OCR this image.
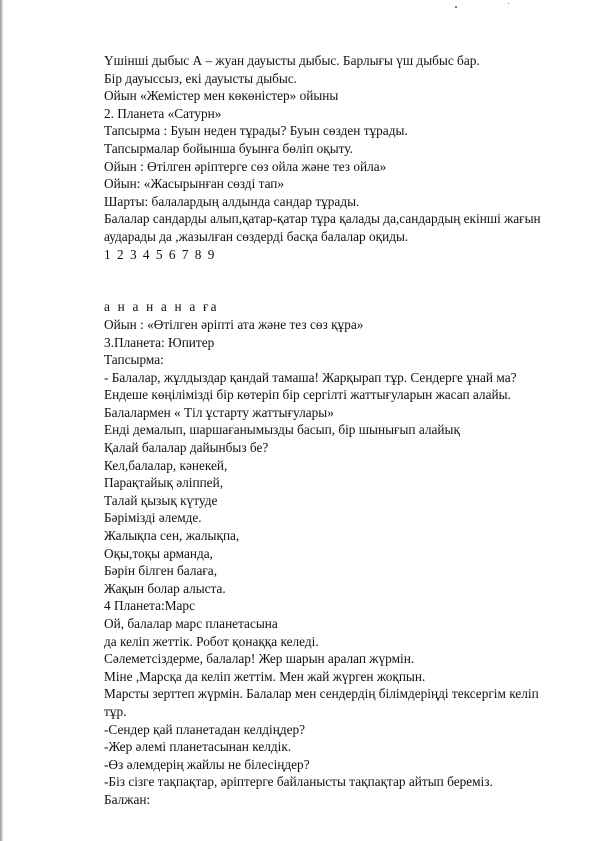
Үшінші дыбыс А – жуан дауысты дыбыс. Барлығы үш дыбыс бар.

Бір дауыссыз, екі дауысты дыбыс.

Ойын «Жемістер мен көкөністер» ойыны

2. Планета «Сатурн»

Тапсырма : Буын неден тұрады? Буын сөзден тұрады.

Тапсырмалар бойынша буынға бөліп оқыту.

Ойын : Өтілген әріптерге сөз ойла және тез ойла»

Ойын: «Жасырынған сөзді тап»

Шарты: балалардың алдында сандар тұрады.

Балалар сандарды алып,қатар-қатар тұра қалады да,сандардың екінші жағын аударады да ,жазылған сөздерді басқа балалар оқиды.

1 2 3 4 5 6 7 8 9

а н а н а н а ға

Ойын : «Өтілген әріпті ата және тез сөз құра»

3.Планета: Юпитер

Тапсырма:

- Балалар, жұлдыздар қандай тамаша! Жарқырап тұр. Сендерге ұнай ма?

Ендеше көңілімізді бір көтеріп бір сергілті жаттығуларын жасап алайы.

Балалармен « Тіл ұстарту жаттығулары»

Енді демалып, шаршағанымызды басып, бір шынығып алайық

Қалай балалар дайынбыз бе?

Кел,балалар, кәнекей,

Парақтайық әліппей,

Талай қызық күтуде

Бәрімізді әлемде.

Жалықпа сен, жалықпа,

Оқы,тоқы арманда,

Бәрін білген балаға,

Жақын болар алыста.

4 Планета:Марс

Ой, балалар марс планетасына

да келіп жеттік. Робот қонаққа келеді.

Сәлеметсіздерме, балалар! Жер шарын аралап жүрмін.

Міне ,Марсқа да келіп жеттім. Мен жай жүрген жоқпын.

Марсты зерттеп жүрмін. Балалар мен сендердің білімдеріңді тексергім келіп тұр.

-Сендер қай планетадан келдіңдер?

-Жер әлемі планетасынан келдік.

-Өз әлемдерің жайлы не білесіңдер?

-Біз сізге тақпақтар, әріптерге байланысты тақпақтар айтып береміз.

Балжан:
